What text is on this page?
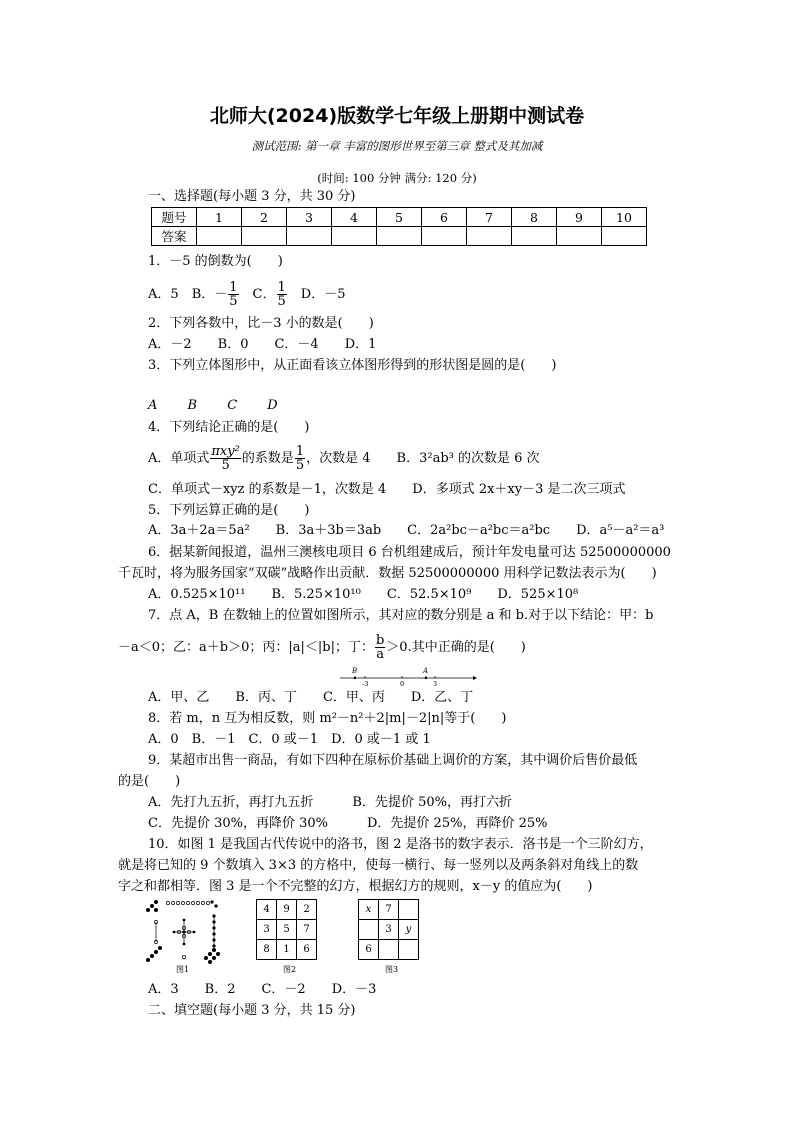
北师大(2024)版数学七年级上册期中测试卷
测试范围: 第一章 丰富的图形世界至第三章 整式及其加减
(时间: 100 分钟 满分: 120 分)
一、选择题(每小题 3 分，共 30 分)
题号	1	2	3	4	5	6	7	8	9	10
答案										
1．－5 的倒数为(　　)
A．5　 B．－ $\frac{1}{5}$
　 C． $\frac{1}{5}$
　 D．－5
2．下列各数中，比－3 小的数是(　　)
A．－2　　B．0　　C．－4　　D．1
3．下列立体图形中，从正面看该立体图形得到的形状图是圆的是(　　)
A　　 B　　 C　　 D
4．下列结论正确的是(　　)
A．单项式 $\frac{\text{πxy²}}{5}$ 的系数是 $\frac{1}{5}$ ，次数是 4　　B．3²ab³ 的次数是 6 次
C．单项式－xyz 的系数是－1，次数是 4　　D．多项式 2x＋xy－3 是二次三项式
5．下列运算正确的是(　　)
A．3a＋2a＝5a²　　B．3a＋3b＝3ab　　C．2a²bc－a²bc＝a²bc　　D．a⁵－a²＝a³
6．据某新闻报道，温州三澳核电项目 6 台机组建成后，预计年发电量可达 52500000000
千瓦时，将为服务国家“双碳”战略作出贡献．数据 52500000000 用科学记数法表示为(　　)
A．0.525×10¹¹　　B．5.25×10¹⁰　　C．52.5×10⁹　　D．525×10⁸
7．点 A，B 在数轴上的位置如图所示，其对应的数分别是 a 和 b.对于以下结论：甲：b
－a＜0；乙：a＋b＞0；丙：|a|＜|b|；丁： $\frac{b}{a} >0$.其中正确的是(　　)
B	A
-3	0	3
A．甲、乙　　B．丙、丁　　C．甲、丙　　D．乙、丁
8．若 m，n 互为相反数，则 m²－n²＋2|m|－2|n|等于(　　)
A．0　B．－1　C．0 或－1　D．0 或－1 或 1
9．某超市出售一商品，有如下四种在原标价基础上调价的方案，其中调价后售价最低
的是(　　)
A．先打九五折，再打九五折　　　B．先提价 50%，再打六折
C．先提价 30%，再降价 30%　　　D．先提价 25%，再降价 25%
10．如图 1 是我国古代传说中的洛书，图 2 是洛书的数字表示．洛书是一个三阶幻方，
就是将已知的 9 个数填入 3×3 的方格中，使每一横行、每一竖列以及两条斜对角线上的数
字之和都相等．图 3 是一个不完整的幻方，根据幻方的规则，x－y 的值应为(　　)
图1
4	9	2
3	5	7
8	1	6
图2
x	7	
	3	y
6		
图3
A．3　　B．2　　C．－2　　D．－3
二、填空题(每小题 3 分，共 15 分)
